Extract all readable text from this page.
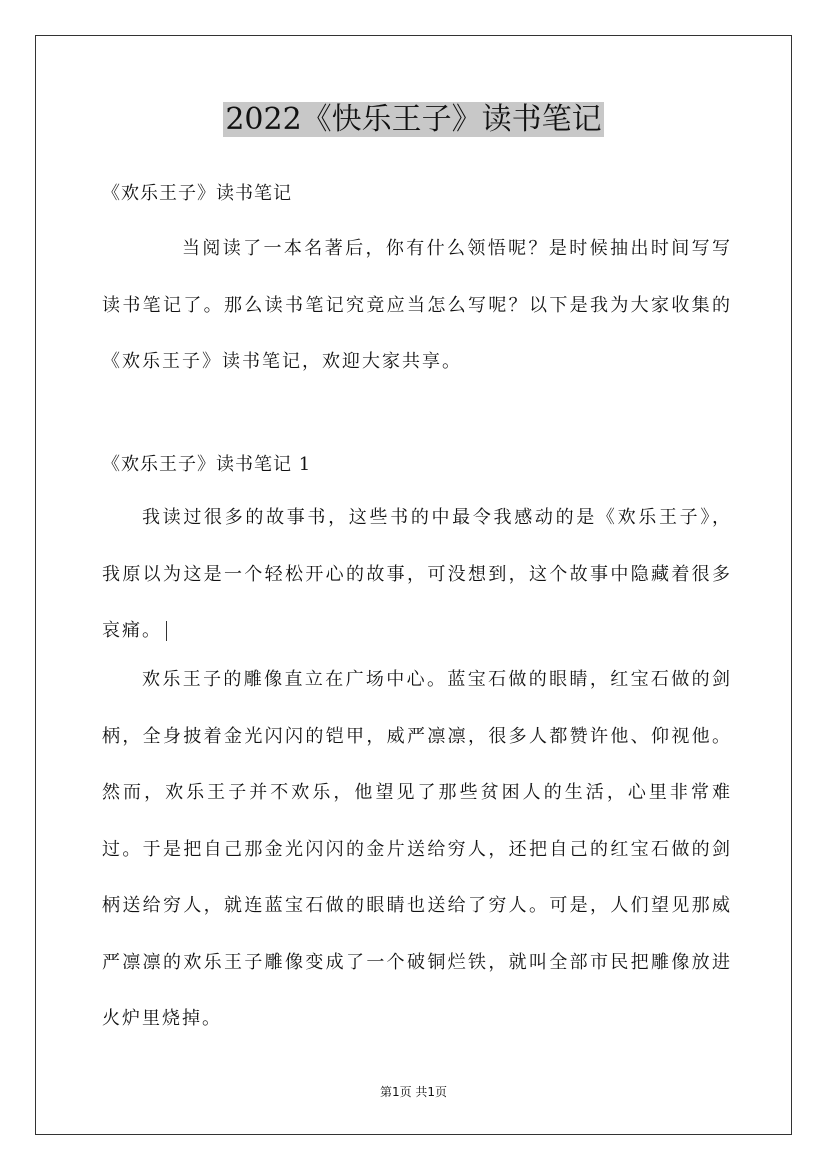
2022《快乐王子》读书笔记
《欢乐王子》读书笔记
当阅读了一本名著后，你有什么领悟呢？是时候抽出时间写写读书笔记了。那么读书笔记究竟应当怎么写呢？以下是我为大家收集的《欢乐王子》读书笔记，欢迎大家共享。
《欢乐王子》读书笔记 1
我读过很多的故事书，这些书的中最令我感动的是《欢乐王子》，我原以为这是一个轻松开心的故事，可没想到，这个故事中隐藏着很多哀痛。
欢乐王子的雕像直立在广场中心。蓝宝石做的眼睛，红宝石做的剑柄，全身披着金光闪闪的铠甲，威严凛凛，很多人都赞许他、仰视他。然而，欢乐王子并不欢乐，他望见了那些贫困人的生活，心里非常难过。于是把自己那金光闪闪的金片送给穷人，还把自己的红宝石做的剑柄送给穷人，就连蓝宝石做的眼睛也送给了穷人。可是，人们望见那威严凛凛的欢乐王子雕像变成了一个破铜烂铁，就叫全部市民把雕像放进火炉里烧掉。
第1页 共1页
